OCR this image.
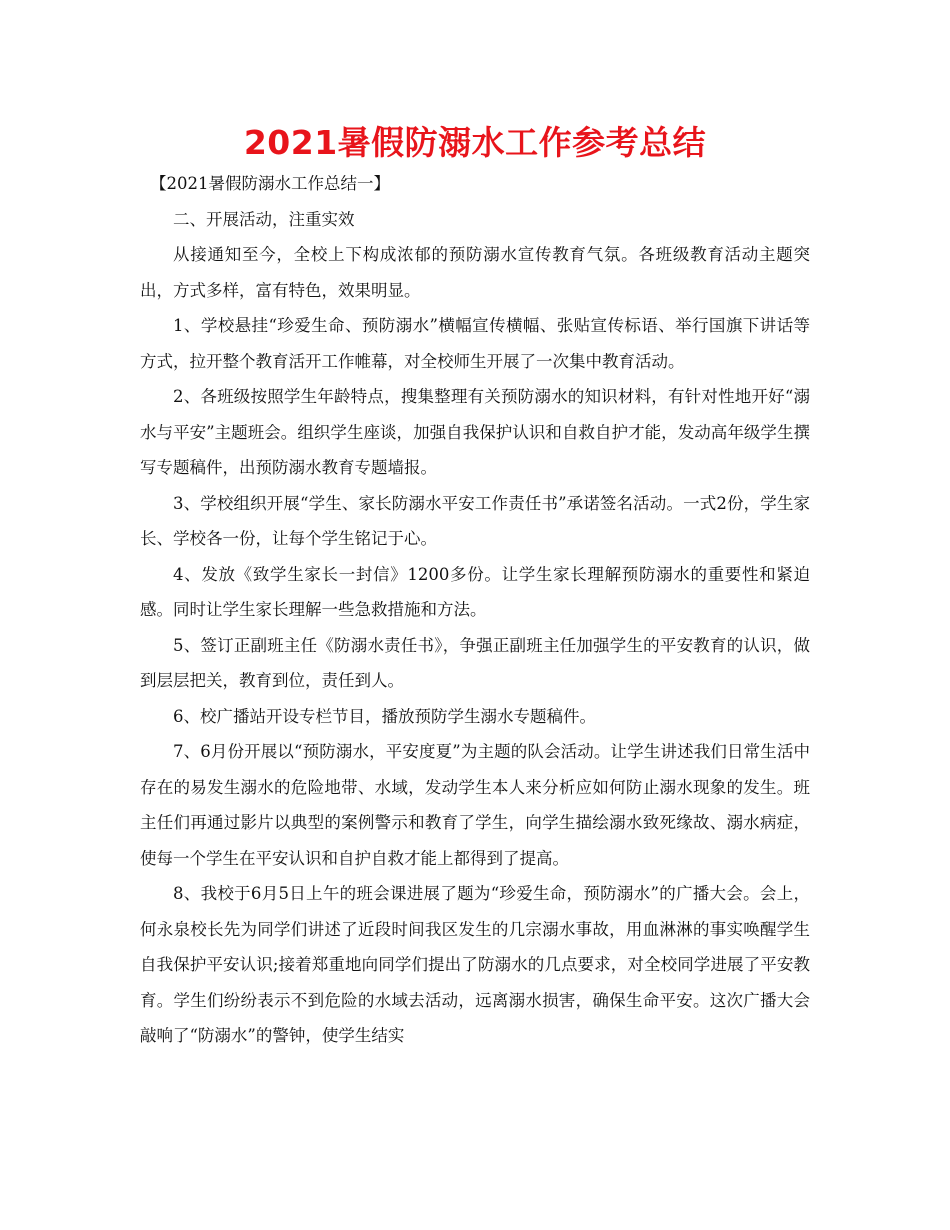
2021暑假防溺水工作参考总结

【2021暑假防溺水工作总结一】

二、开展活动，注重实效

从接通知至今，全校上下构成浓郁的预防溺水宣传教育气氛。各班级教育活动主题突出，方式多样，富有特色，效果明显。

1、学校悬挂“珍爱生命、预防溺水”横幅宣传横幅、张贴宣传标语、举行国旗下讲话等方式，拉开整个教育活开工作帷幕，对全校师生开展了一次集中教育活动。

2、各班级按照学生年龄特点，搜集整理有关预防溺水的知识材料，有针对性地开好“溺水与平安”主题班会。组织学生座谈，加强自我保护认识和自救自护才能，发动高年级学生撰写专题稿件，出预防溺水教育专题墙报。

3、学校组织开展“学生、家长防溺水平安工作责任书”承诺签名活动。一式2份，学生家长、学校各一份，让每个学生铭记于心。

4、发放《致学生家长一封信》1200多份。让学生家长理解预防溺水的重要性和紧迫感。同时让学生家长理解一些急救措施和方法。

5、签订正副班主任《防溺水责任书》，争强正副班主任加强学生的平安教育的认识，做到层层把关，教育到位，责任到人。

6、校广播站开设专栏节目，播放预防学生溺水专题稿件。

7、6月份开展以“预防溺水，平安度夏”为主题的队会活动。让学生讲述我们日常生活中存在的易发生溺水的危险地带、水域，发动学生本人来分析应如何防止溺水现象的发生。班主任们再通过影片以典型的案例警示和教育了学生，向学生描绘溺水致死缘故、溺水病症，使每一个学生在平安认识和自护自救才能上都得到了提高。

8、我校于6月5日上午的班会课进展了题为“珍爱生命，预防溺水”的广播大会。会上，何永泉校长先为同学们讲述了近段时间我区发生的几宗溺水事故，用血淋淋的事实唤醒学生自我保护平安认识;接着郑重地向同学们提出了防溺水的几点要求，对全校同学进展了平安教育。学生们纷纷表示不到危险的水域去活动，远离溺水损害，确保生命平安。这次广播大会敲响了“防溺水”的警钟，使学生结实
